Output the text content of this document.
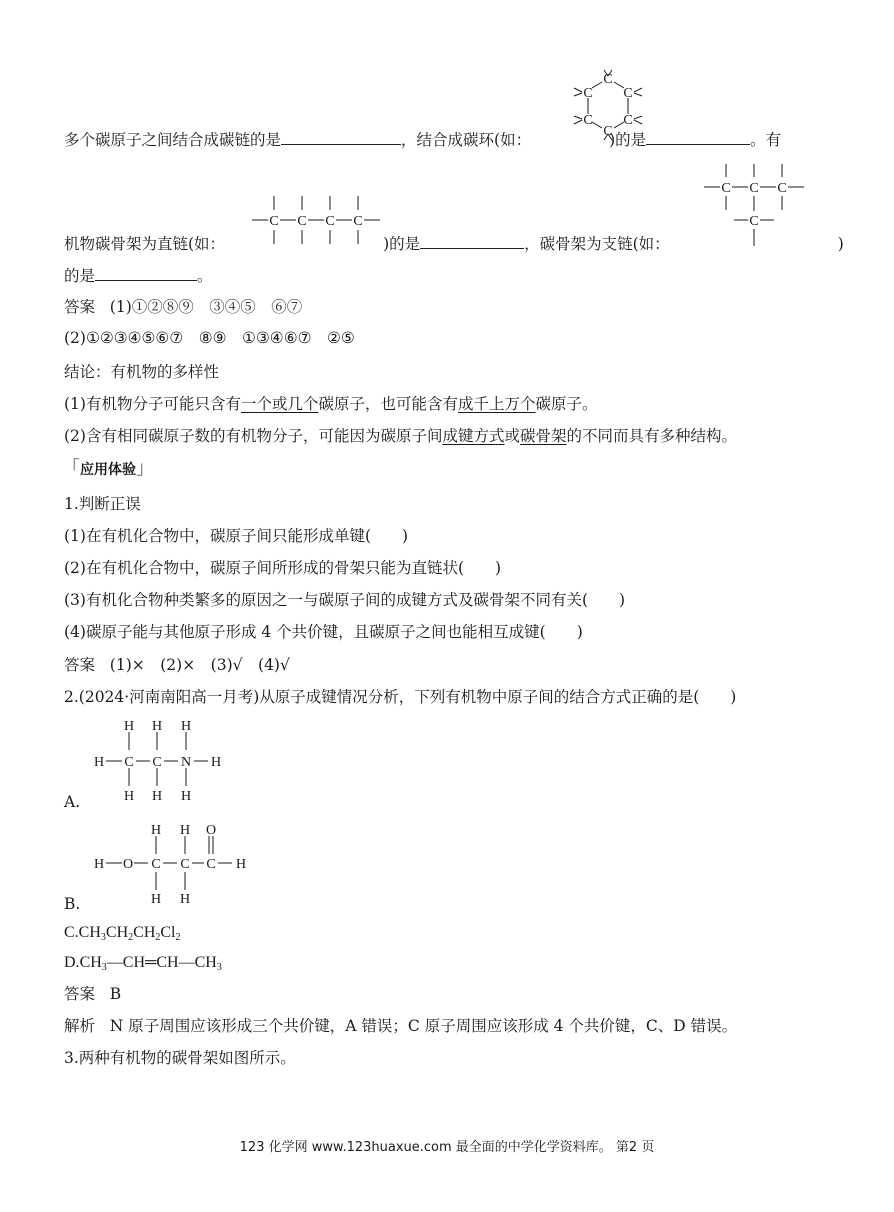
多个碳原子之间结合成碳链的是	，结合成碳环(如：	)的是	。有
C
C C
C C
C
机物碳骨架为直链(如：	)的是	，碳骨架为支链(如：	)
C C C C
C C C
C
的是	。
答案 (1)①②⑧⑨　③④⑤　⑥⑦
(2)①②③④⑤⑥⑦　⑧⑨　①③④⑥⑦　②⑤
结论：有机物的多样性
(1)有机物分子可能只含有一个或几个碳原子，也可能含有成千上万个碳原子。
(2)含有相同碳原子数的有机物分子，可能因为碳原子间成键方式或碳骨架的不同而具有多种结构。
「应用体验」
1.判断正误
(1)在有机化合物中，碳原子间只能形成单键(　　)
(2)在有机化合物中，碳原子间所形成的骨架只能为直链状(　　)
(3)有机化合物种类繁多的原因之一与碳原子间的成键方式及碳骨架不同有关(　　)
(4)碳原子能与其他原子形成 4 个共价键，且碳原子之间也能相互成键(　　)
答案 (1)×　(2)×　(3)√　(4)√
2.(2024·河南南阳高一月考)从原子成键情况分析，下列有机物中原子间的结合方式正确的是(　　)
H H H
H C C N H
H H H
A.
H H O
H O C C C H
H H
B.
$C.CH_3CH_2CH_2Cl_2$
$D.CH_3—CH═CH—CH_3$
答案 B
解析 N 原子周围应该形成三个共价键，A 错误；C 原子周围应该形成 4 个共价键，C、D 错误。
3.两种有机物的碳骨架如图所示。
123 化学网 www.123huaxue.com 最全面的中学化学资料库。 第2 页
